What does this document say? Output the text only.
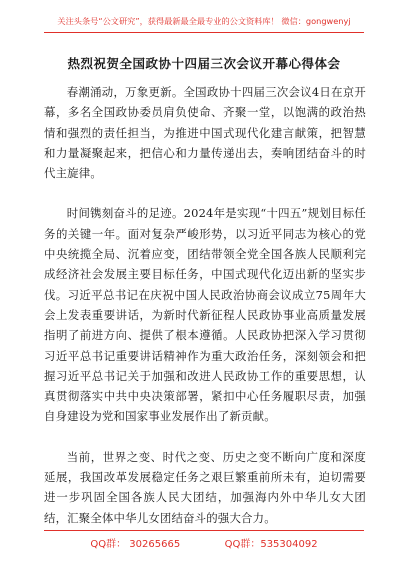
关注头条号“公文研究”，获得最新最全最专业的公文资料库！ 微信：gongwenyj
热烈祝贺全国政协十四届三次会议开幕心得体会

春潮涌动，万象更新。全国政协十四届三次会议4日在京开幕，多名全国政协委员肩负使命、齐聚一堂，以饱满的政治热情和强烈的责任担当，为推进中国式现代化建言献策，把智慧和力量凝聚起来，把信心和力量传递出去，奏响团结奋斗的时代主旋律。

时间镌刻奋斗的足迹。2024年是实现“十四五”规划目标任务的关键一年。面对复杂严峻形势，以习近平同志为核心的党中央统揽全局、沉着应变，团结带领全党全国各族人民顺利完成经济社会发展主要目标任务，中国式现代化迈出新的坚实步伐。习近平总书记在庆祝中国人民政治协商会议成立75周年大会上发表重要讲话，为新时代新征程人民政协事业高质量发展指明了前进方向、提供了根本遵循。人民政协把深入学习贯彻习近平总书记重要讲话精神作为重大政治任务，深刻领会和把握习近平总书记关于加强和改进人民政协工作的重要思想，认真贯彻落实中共中央决策部署，紧扣中心任务履职尽责，加强自身建设为党和国家事业发展作出了新贡献。

当前，世界之变、时代之变、历史之变不断向广度和深度延展，我国改革发展稳定任务之艰巨繁重前所未有，迫切需要进一步巩固全国各族人民大团结，加强海内外中华儿女大团结，汇聚全体中华儿女团结奋斗的强大合力。

QQ群： 30265665	QQ群：535304092
